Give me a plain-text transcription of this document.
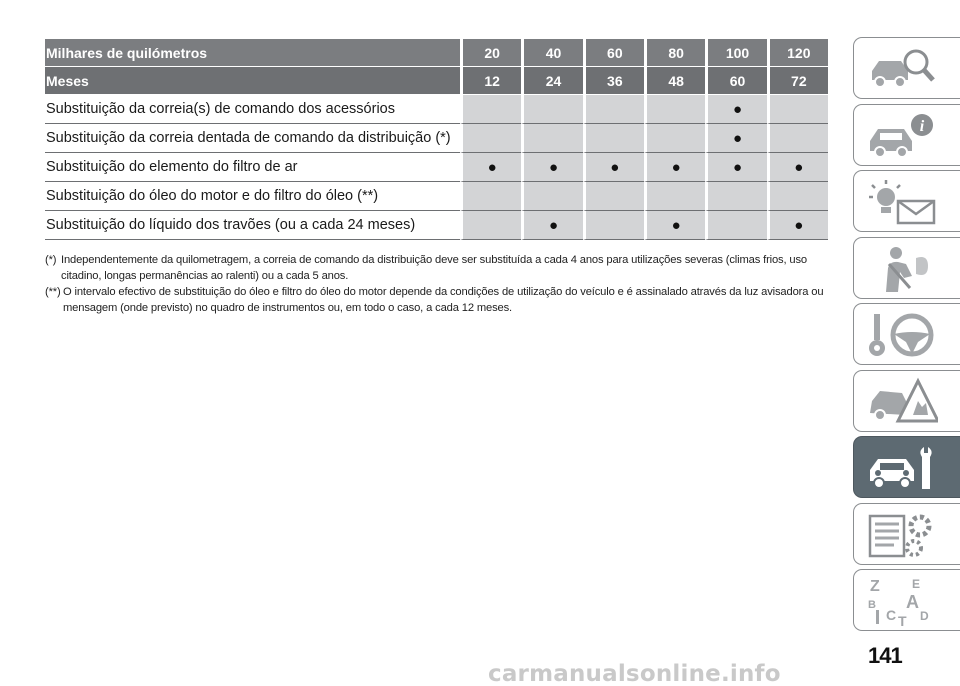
Milhares de quilómetros	20	40	60	80	100	120
Meses	12	24	36	48	60	72
Substituição da correia(s) de comando dos acessórios					●	
Substituição da correia dentada de comando da distribuição (*)					●	
Substituição do elemento do filtro de ar	●	●	●	●	●	●
Substituição do óleo do motor e do filtro do óleo (**)						
Substituição do líquido dos travões (ou a cada 24 meses)		●		●		●
(*) Independentemente da quilometragem, a correia de comando da distribuição deve ser substituída a cada 4 anos para utilizações severas (climas frios, uso citadino, longas permanências ao ralenti) ou a cada 5 anos.
(**) O intervalo efectivo de substituição do óleo e filtro do óleo do motor depende da condições de utilização do veículo e é assinalado através da luz avisadora ou mensagem (onde previsto) no quadro de instrumentos ou, em todo o caso, a cada 12 meses.
i
Z	E
A
B
C D
T
141
carmanualsonline.info
